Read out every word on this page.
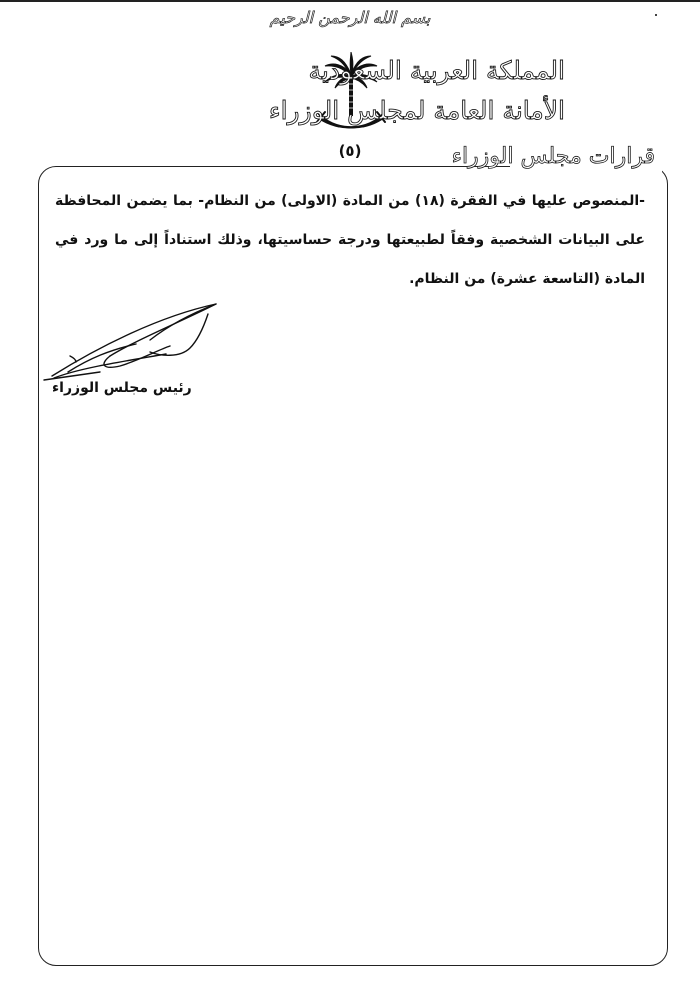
بسم الله الرحمن الرحيم
(٥)
المملكة العربية السعودية
الأمانة العامة لمجلس الوزراء
قرارات مجلس الوزراء

-المنصوص عليها في الفقرة (١٨) من المادة (الاولى) من النظام- بما يضمن المحافظة على البيانات الشخصية وفقاً لطبيعتها ودرجة حساسيتها، وذلك استناداً إلى ما ورد في المادة (التاسعة عشرة) من النظام.

رئيس مجلس الوزراء
